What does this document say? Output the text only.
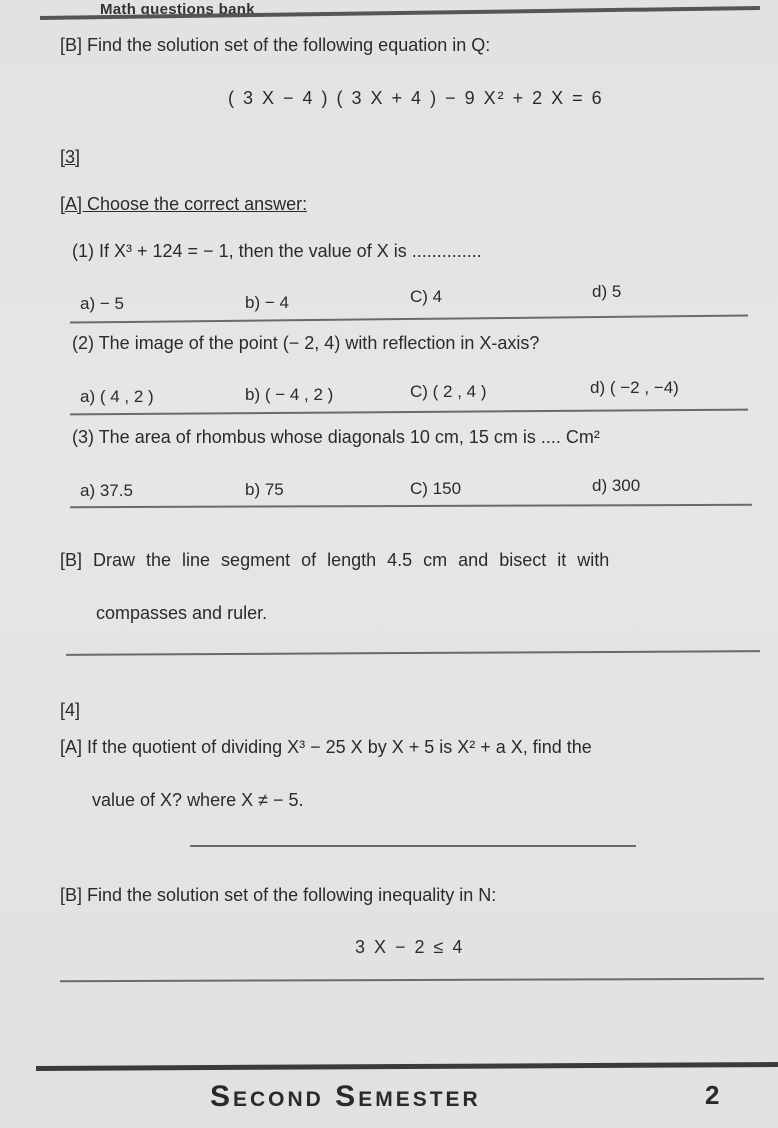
Math questions bank
[B] Find the solution set of the following equation in Q:
( 3 X − 4 ) ( 3 X + 4 ) − 9 X² + 2 X = 6
[3]
[A] Choose the correct answer:
(1) If X³ + 124 = − 1, then the value of X is ..............
a) − 5	b) − 4	C) 4	d) 5
(2) The image of the point (− 2, 4) with reflection in X-axis?
a) ( 4 , 2 )	b) ( − 4 , 2 )	C) ( 2 , 4 )	d) ( −2 , −4)
(3) The area of rhombus whose diagonals 10 cm, 15 cm is .... Cm²
a) 37.5	b) 75	C) 150	d) 300
[B] Draw the line segment of length 4.5 cm and bisect it with
compasses and ruler.
[4]
[A] If the quotient of dividing X³ − 25 X by X + 5 is X² + a X, find the
value of X? where X ≠ − 5.
[B] Find the solution set of the following inequality in N:
3 X − 2 ≤ 4
Second Semester	2
